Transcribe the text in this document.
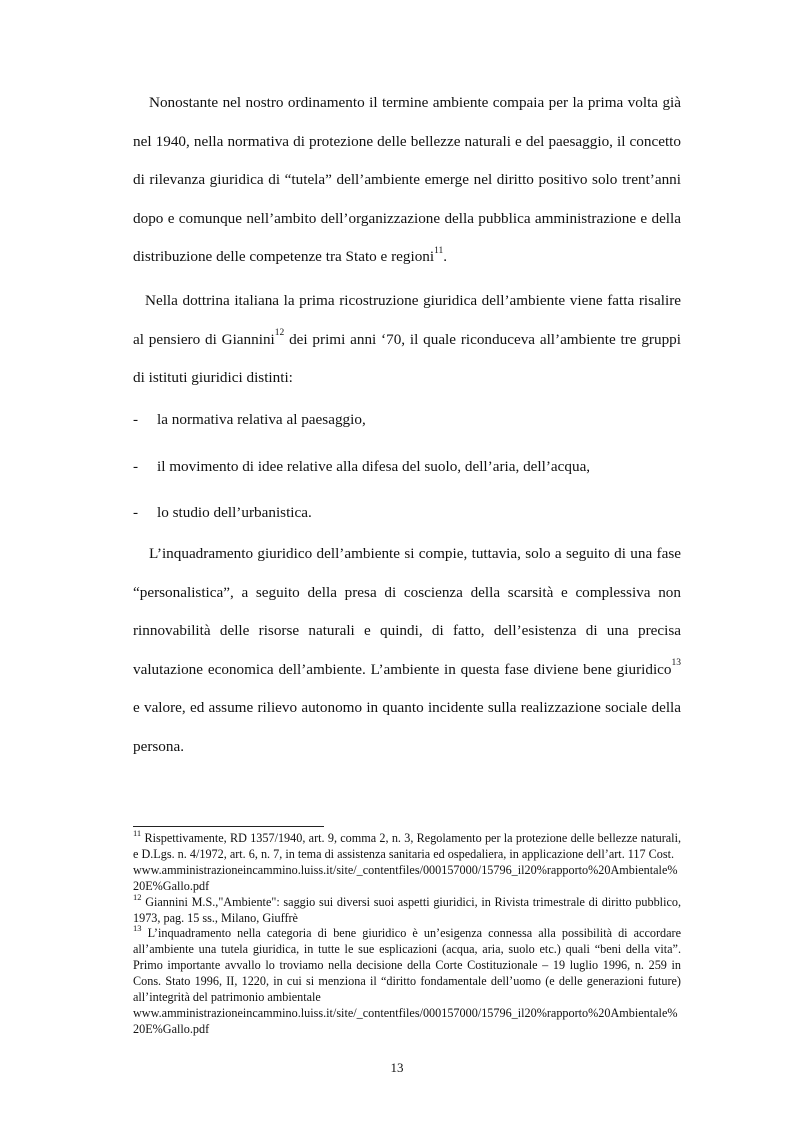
Nonostante nel nostro ordinamento il termine ambiente compaia per la prima volta già nel 1940, nella normativa di protezione delle bellezze naturali e del paesaggio, il concetto di rilevanza giuridica di “tutela” dell’ambiente emerge nel diritto positivo solo trent’anni dopo e comunque nell’ambito dell’organizzazione della pubblica amministrazione e della distribuzione delle competenze tra Stato e regioni$^{11}$.

Nella dottrina italiana la prima ricostruzione giuridica dell’ambiente viene fatta risalire al pensiero di Giannini$^{12}$ dei primi anni ‘70, il quale riconduceva all’ambiente tre gruppi di istituti giuridici distinti:

- la normativa relativa al paesaggio,

- il movimento di idee relative alla difesa del suolo, dell’aria, dell’acqua,

- lo studio dell’urbanistica.

L’inquadramento giuridico dell’ambiente si compie, tuttavia, solo a seguito di una fase “personalistica”, a seguito della presa di coscienza della scarsità e complessiva non rinnovabilità delle risorse naturali e quindi, di fatto, dell’esistenza di una precisa valutazione economica dell’ambiente. L’ambiente in questa fase diviene bene giuridico$^{13}$ e valore, ed assume rilievo autonomo in quanto incidente sulla realizzazione sociale della persona.

$^{11}$ Rispettivamente, RD 1357/1940, art. 9, comma 2, n. 3, Regolamento per la protezione delle bellezze naturali, e D.Lgs. n. 4/1972, art. 6, n. 7, in tema di assistenza sanitaria ed ospedaliera, in applicazione dell’art. 117 Cost.
www.amministrazioneincammino.luiss.it/site/_contentfiles/000157000/15796_il20%rapporto%20Ambientale%20E%Gallo.pdf

$^{12}$ Giannini M.S.,"Ambiente": saggio sui diversi suoi aspetti giuridici, in Rivista trimestrale di diritto pubblico, 1973, pag. 15 ss., Milano, Giuffrè

$^{13}$ L’inquadramento nella categoria di bene giuridico è un’esigenza connessa alla possibilità di accordare all’ambiente una tutela giuridica, in tutte le sue esplicazioni (acqua, aria, suolo etc.) quali “beni della vita”. Primo importante avvallo lo troviamo nella decisione della Corte Costituzionale – 19 luglio 1996, n. 259 in Cons. Stato 1996, II, 1220, in cui si menziona il “diritto fondamentale dell’uomo (e delle generazioni future) all’integrità del patrimonio ambientale
www.amministrazioneincammino.luiss.it/site/_contentfiles/000157000/15796_il20%rapporto%20Ambientale%20E%Gallo.pdf

13
